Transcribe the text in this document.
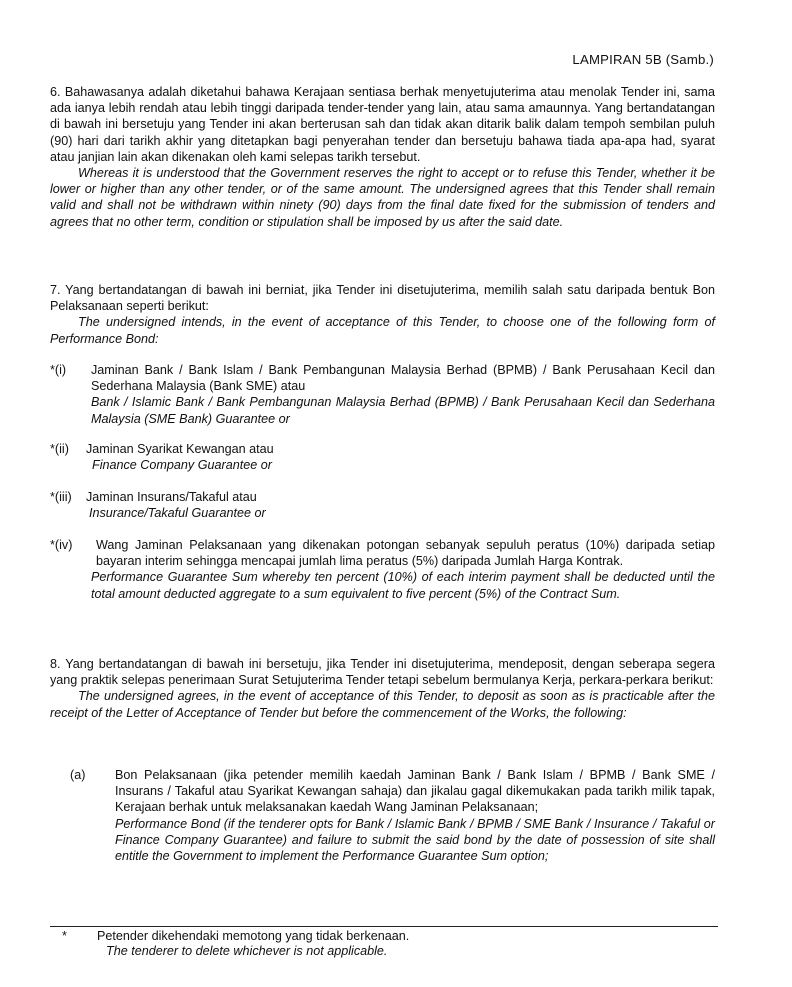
LAMPIRAN 5B (Samb.)

6. Bahawasanya adalah diketahui bahawa Kerajaan sentiasa berhak menyetujuterima atau menolak Tender ini, sama ada ianya lebih rendah atau lebih tinggi daripada tender-tender yang lain, atau sama amaunnya. Yang bertandatangan di bawah ini bersetuju yang Tender ini akan berterusan sah dan tidak akan ditarik balik dalam tempoh sembilan puluh (90) hari dari tarikh akhir yang ditetapkan bagi penyerahan tender dan bersetuju bahawa tiada apa-apa had, syarat atau janjian lain akan dikenakan oleh kami selepas tarikh tersebut.

Whereas it is understood that the Government reserves the right to accept or to refuse this Tender, whether it be lower or higher than any other tender, or of the same amount. The undersigned agrees that this Tender shall remain valid and shall not be withdrawn within ninety (90) days from the final date fixed for the submission of tenders and agrees that no other term, condition or stipulation shall be imposed by us after the said date.

7. Yang bertandatangan di bawah ini berniat, jika Tender ini disetujuterima, memilih salah satu daripada bentuk Bon Pelaksanaan seperti berikut:

The undersigned intends, in the event of acceptance of this Tender, to choose one of the following form of Performance Bond:

*(i) Jaminan Bank / Bank Islam / Bank Pembangunan Malaysia Berhad (BPMB) / Bank Perusahaan Kecil dan Sederhana Malaysia (Bank SME) atau

Bank / Islamic Bank / Bank Pembangunan Malaysia Berhad (BPMB) / Bank Perusahaan Kecil dan Sederhana Malaysia (SME Bank) Guarantee or

*(ii) Jaminan Syarikat Kewangan atau

Finance Company Guarantee or

*(iii) Jaminan Insurans/Takaful atau

Insurance/Takaful Guarantee or

*(iv) Wang Jaminan Pelaksanaan yang dikenakan potongan sebanyak sepuluh peratus (10%) daripada setiap bayaran interim sehingga mencapai jumlah lima peratus (5%) daripada Jumlah Harga Kontrak.

Performance Guarantee Sum whereby ten percent (10%) of each interim payment shall be deducted until the total amount deducted aggregate to a sum equivalent to five percent (5%) of the Contract Sum.

8. Yang bertandatangan di bawah ini bersetuju, jika Tender ini disetujuterima, mendeposit, dengan seberapa segera yang praktik selepas penerimaan Surat Setujuterima Tender tetapi sebelum bermulanya Kerja, perkara-perkara berikut:

The undersigned agrees, in the event of acceptance of this Tender, to deposit as soon as is practicable after the receipt of the Letter of Acceptance of Tender but before the commencement of the Works, the following:

(a) Bon Pelaksanaan (jika petender memilih kaedah Jaminan Bank / Bank Islam / BPMB / Bank SME / Insurans / Takaful atau Syarikat Kewangan sahaja) dan jikalau gagal dikemukakan pada tarikh milik tapak, Kerajaan berhak untuk melaksanakan kaedah Wang Jaminan Pelaksanaan;

Performance Bond (if the tenderer opts for Bank / Islamic Bank / BPMB / SME Bank / Insurance / Takaful or Finance Company Guarantee) and failure to submit the said bond by the date of possession of site shall entitle the Government to implement the Performance Guarantee Sum option;

* Petender dikehendaki memotong yang tidak berkenaan.
The tenderer to delete whichever is not applicable.
